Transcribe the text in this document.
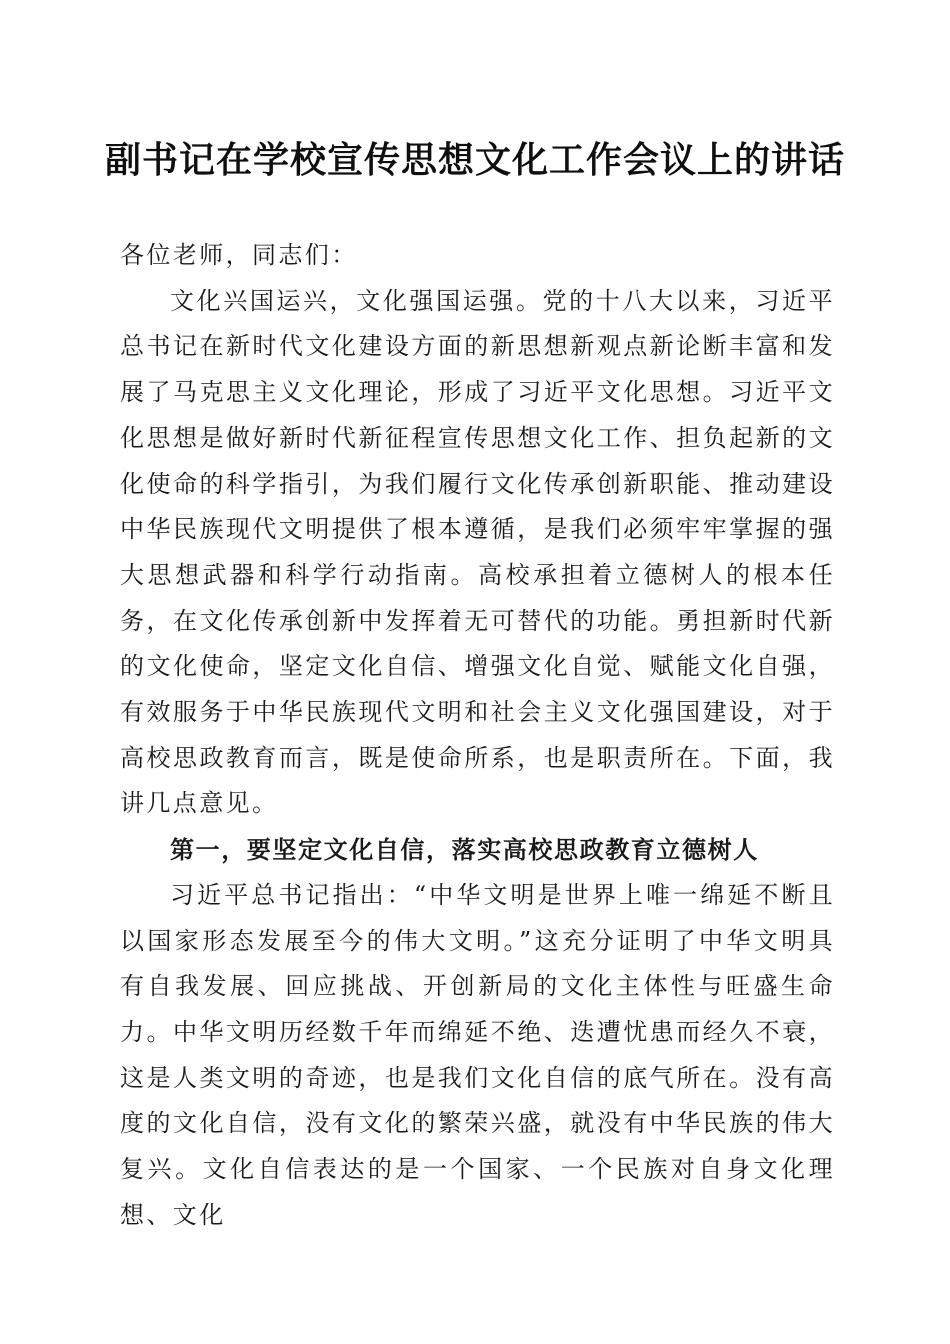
副书记在学校宣传思想文化工作会议上的讲话

各位老师，同志们：

文化兴国运兴，文化强国运强。党的十八大以来，习近平总书记在新时代文化建设方面的新思想新观点新论断丰富和发展了马克思主义文化理论，形成了习近平文化思想。习近平文化思想是做好新时代新征程宣传思想文化工作、担负起新的文化使命的科学指引，为我们履行文化传承创新职能、推动建设中华民族现代文明提供了根本遵循，是我们必须牢牢掌握的强大思想武器和科学行动指南。高校承担着立德树人的根本任务，在文化传承创新中发挥着无可替代的功能。勇担新时代新的文化使命，坚定文化自信、增强文化自觉、赋能文化自强，有效服务于中华民族现代文明和社会主义文化强国建设，对于高校思政教育而言，既是使命所系，也是职责所在。下面，我讲几点意见。

第一，要坚定文化自信，落实高校思政教育立德树人

习近平总书记指出：“中华文明是世界上唯一绵延不断且以国家形态发展至今的伟大文明。”这充分证明了中华文明具有自我发展、回应挑战、开创新局的文化主体性与旺盛生命力。中华文明历经数千年而绵延不绝、迭遭忧患而经久不衰，这是人类文明的奇迹，也是我们文化自信的底气所在。没有高度的文化自信，没有文化的繁荣兴盛，就没有中华民族的伟大复兴。文化自信表达的是一个国家、一个民族对自身文化理想、文化
